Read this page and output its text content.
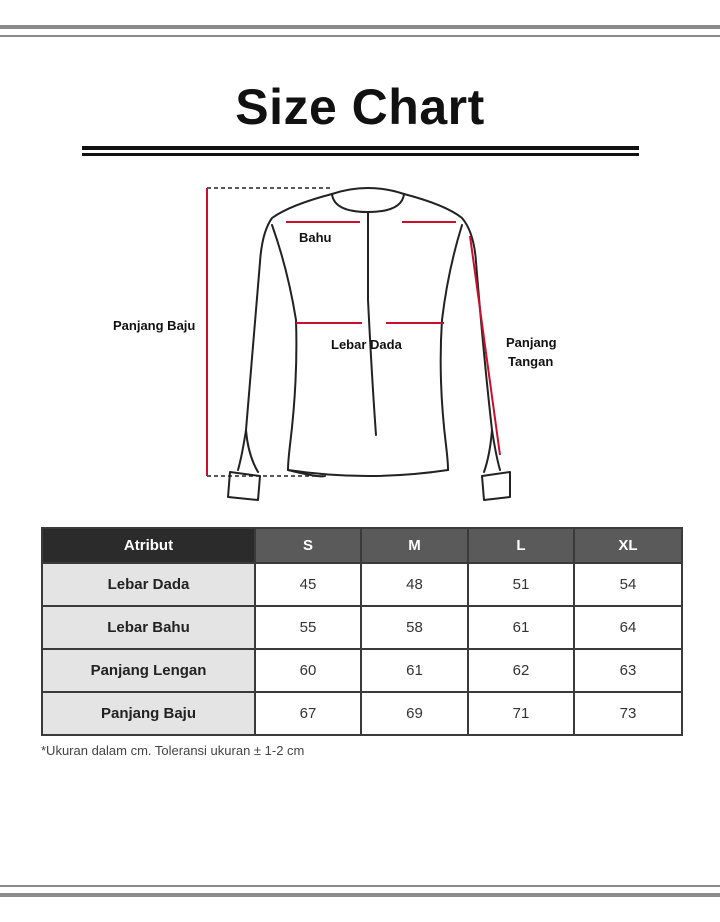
Size Chart
Bahu
Panjang Baju
Lebar Dada	Panjang
Tangan
Atribut	S	M	L	XL
Lebar Dada	45	48	51	54
Lebar Bahu	55	58	61	64
Panjang Lengan	60	61	62	63
Panjang Baju	67	69	71	73
*Ukuran dalam cm. Toleransi ukuran ± 1-2 cm
